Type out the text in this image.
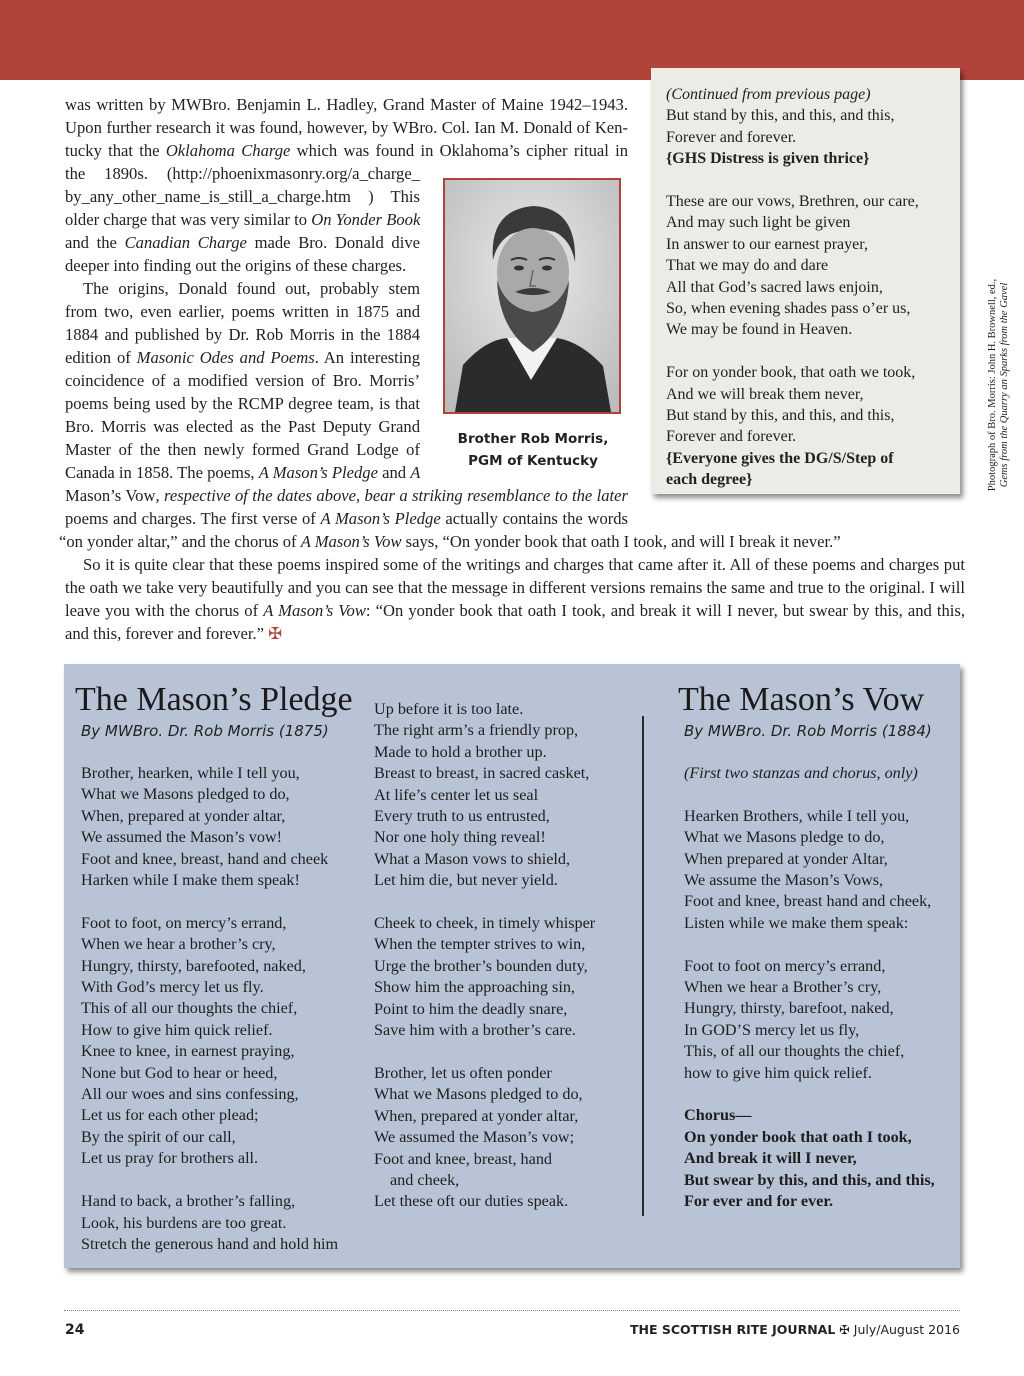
was written by MWBro. Benjamin L. Hadley, Grand Master of Maine 1942–1943.
Upon further research it was found, however, by WBro. Col. Ian M. Donald of Ken-
tucky that the Oklahoma Charge which was found in Oklahoma’s cipher ritual in
the 1890s. (http://phoenixmasonry.org/a_charge_
by_any_other_name_is_still_a_charge.htm ) This
older charge that was very similar to On Yonder Book
and the Canadian Charge made Bro. Donald dive
deeper into finding out the origins of these charges.
The origins, Donald found out, probably stem
from two, even earlier, poems written in 1875 and
1884 and published by Dr. Rob Morris in the 1884
edition of Masonic Odes and Poems. An interesting
coincidence of a modified version of Bro. Morris’
poems being used by the RCMP degree team, is that
Bro. Morris was elected as the Past Deputy Grand
Master of the then newly formed Grand Lodge of
Canada in 1858. The poems, A Mason’s Pledge and A
Mason’s Vow, respective of the dates above, bear a striking resemblance to the later
poems and charges. The first verse of A Mason’s Pledge actually contains the words
“on yonder altar,” and the chorus of A Mason’s Vow says, “On yonder book that oath I took, and will I break it never.”

So it is quite clear that these poems inspired some of the writings and charges that came after it. All of these poems and charges put the oath we take very beautifully and you can see that the message in different versions remains the same and true to the original. I will leave you with the chorus of A Mason’s Vow: “On yonder book that oath I took, and break it will I never, but swear by this, and this, and this, forever and forever.” ✠

Brother Rob Morris,
PGM of Kentucky
(Continued from previous page)
But stand by this, and this, and this,
Forever and forever.
{GHS Distress is given thrice}
These are our vows, Brethren, our care,
And may such light be given
In answer to our earnest prayer,
That we may do and dare
All that God’s sacred laws enjoin,
So, when evening shades pass o’er us,
We may be found in Heaven.
For on yonder book, that oath we took,
And we will break them never,
But stand by this, and this, and this,
Forever and forever.
{Everyone gives the DG/S/Step of
each degree}	Photograph of Bro. Morris: John H. Brownell, ed., Gems from the Quarry an Sparks from the Gavel
The Mason’s Pledge
By MWBro. Dr. Rob Morris (1875)
Brother, hearken, while I tell you,
What we Masons pledged to do,
When, prepared at yonder altar,
We assumed the Mason’s vow!
Foot and knee, breast, hand and cheek
Harken while I make them speak!
Foot to foot, on mercy’s errand,
When we hear a brother’s cry,
Hungry, thirsty, barefooted, naked,
With God’s mercy let us fly.
This of all our thoughts the chief,
How to give him quick relief.
Knee to knee, in earnest praying,
None but God to hear or heed,
All our woes and sins confessing,
Let us for each other plead;
By the spirit of our call,
Let us pray for brothers all.
Hand to back, a brother’s falling,
Look, his burdens are too great.
Stretch the generous hand and hold him
Up before it is too late.
The right arm’s a friendly prop,
Made to hold a brother up.
Breast to breast, in sacred casket,
At life’s center let us seal
Every truth to us entrusted,
Nor one holy thing reveal!
What a Mason vows to shield,
Let him die, but never yield.
Cheek to cheek, in timely whisper
When the tempter strives to win,
Urge the brother’s bounden duty,
Show him the approaching sin,
Point to him the deadly snare,
Save him with a brother’s care.
Brother, let us often ponder
What we Masons pledged to do,
When, prepared at yonder altar,
We assumed the Mason’s vow;
Foot and knee, breast, hand
and cheek,
Let these oft our duties speak.
The Mason’s Vow
By MWBro. Dr. Rob Morris (1884)
(First two stanzas and chorus, only)
Hearken Brothers, while I tell you,
What we Masons pledge to do,
When prepared at yonder Altar,
We assume the Mason’s Vows,
Foot and knee, breast hand and cheek,
Listen while we make them speak:
Foot to foot on mercy’s errand,
When we hear a Brother’s cry,
Hungry, thirsty, barefoot, naked,
In GOD’S mercy let us fly,
This, of all our thoughts the chief,
how to give him quick relief.
Chorus—
On yonder book that oath I took,
And break it will I never,
But swear by this, and this, and this,
For ever and for ever.
24	THE SCOTTISH RITE JOURNAL ✠ July/August 2016
